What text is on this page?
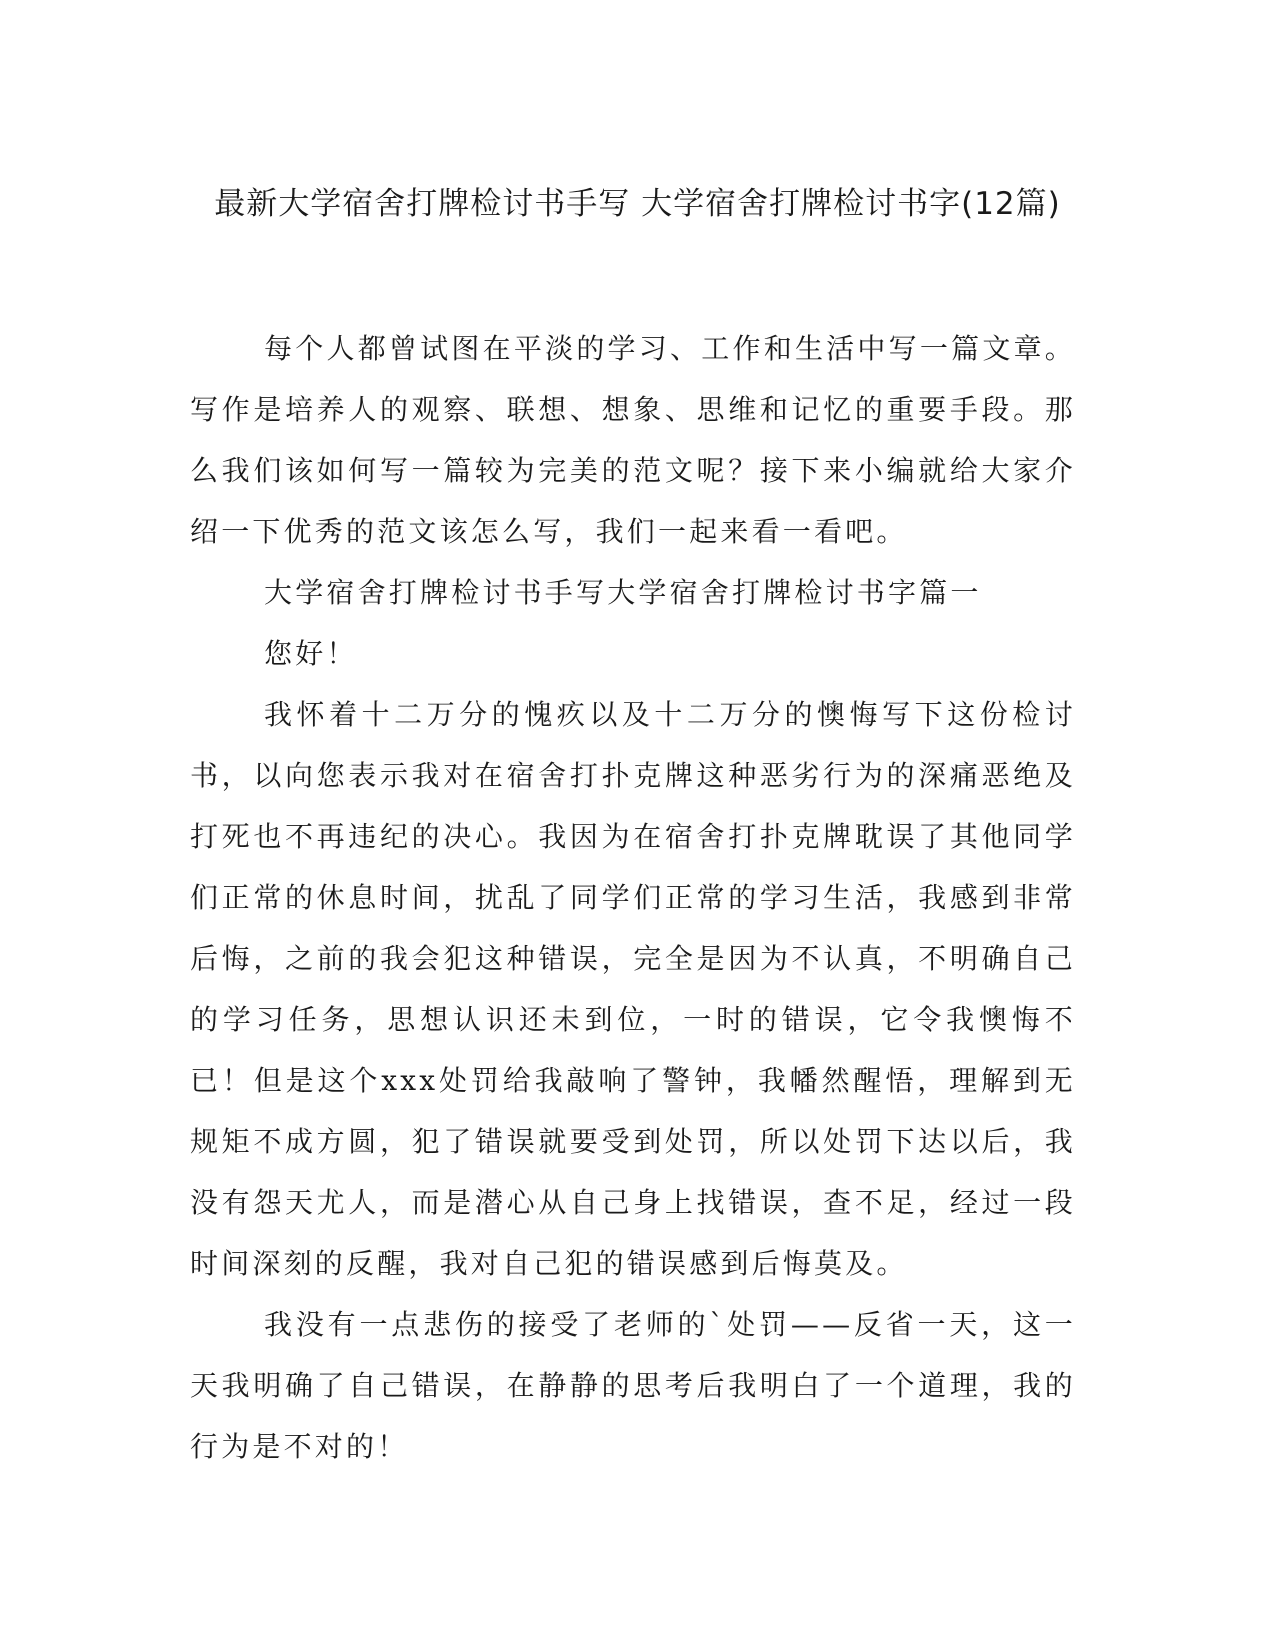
最新大学宿舍打牌检讨书手写 大学宿舍打牌检讨书字(12篇)

每个人都曾试图在平淡的学习、工作和生活中写一篇文章。写作是培养人的观察、联想、想象、思维和记忆的重要手段。那么我们该如何写一篇较为完美的范文呢？接下来小编就给大家介绍一下优秀的范文该怎么写，我们一起来看一看吧。

大学宿舍打牌检讨书手写大学宿舍打牌检讨书字篇一

您好！

我怀着十二万分的愧疚以及十二万分的懊悔写下这份检讨书，以向您表示我对在宿舍打扑克牌这种恶劣行为的深痛恶绝及打死也不再违纪的决心。我因为在宿舍打扑克牌耽误了其他同学们正常的休息时间，扰乱了同学们正常的学习生活，我感到非常后悔，之前的我会犯这种错误，完全是因为不认真，不明确自己的学习任务，思想认识还未到位，一时的错误，它令我懊悔不已！但是这个xxx处罚给我敲响了警钟，我幡然醒悟，理解到无规矩不成方圆，犯了错误就要受到处罚，所以处罚下达以后，我没有怨天尤人，而是潜心从自己身上找错误，查不足，经过一段时间深刻的反醒，我对自己犯的错误感到后悔莫及。

我没有一点悲伤的接受了老师的`处罚——反省一天，这一天我明确了自己错误，在静静的思考后我明白了一个道理，我的行为是不对的！
